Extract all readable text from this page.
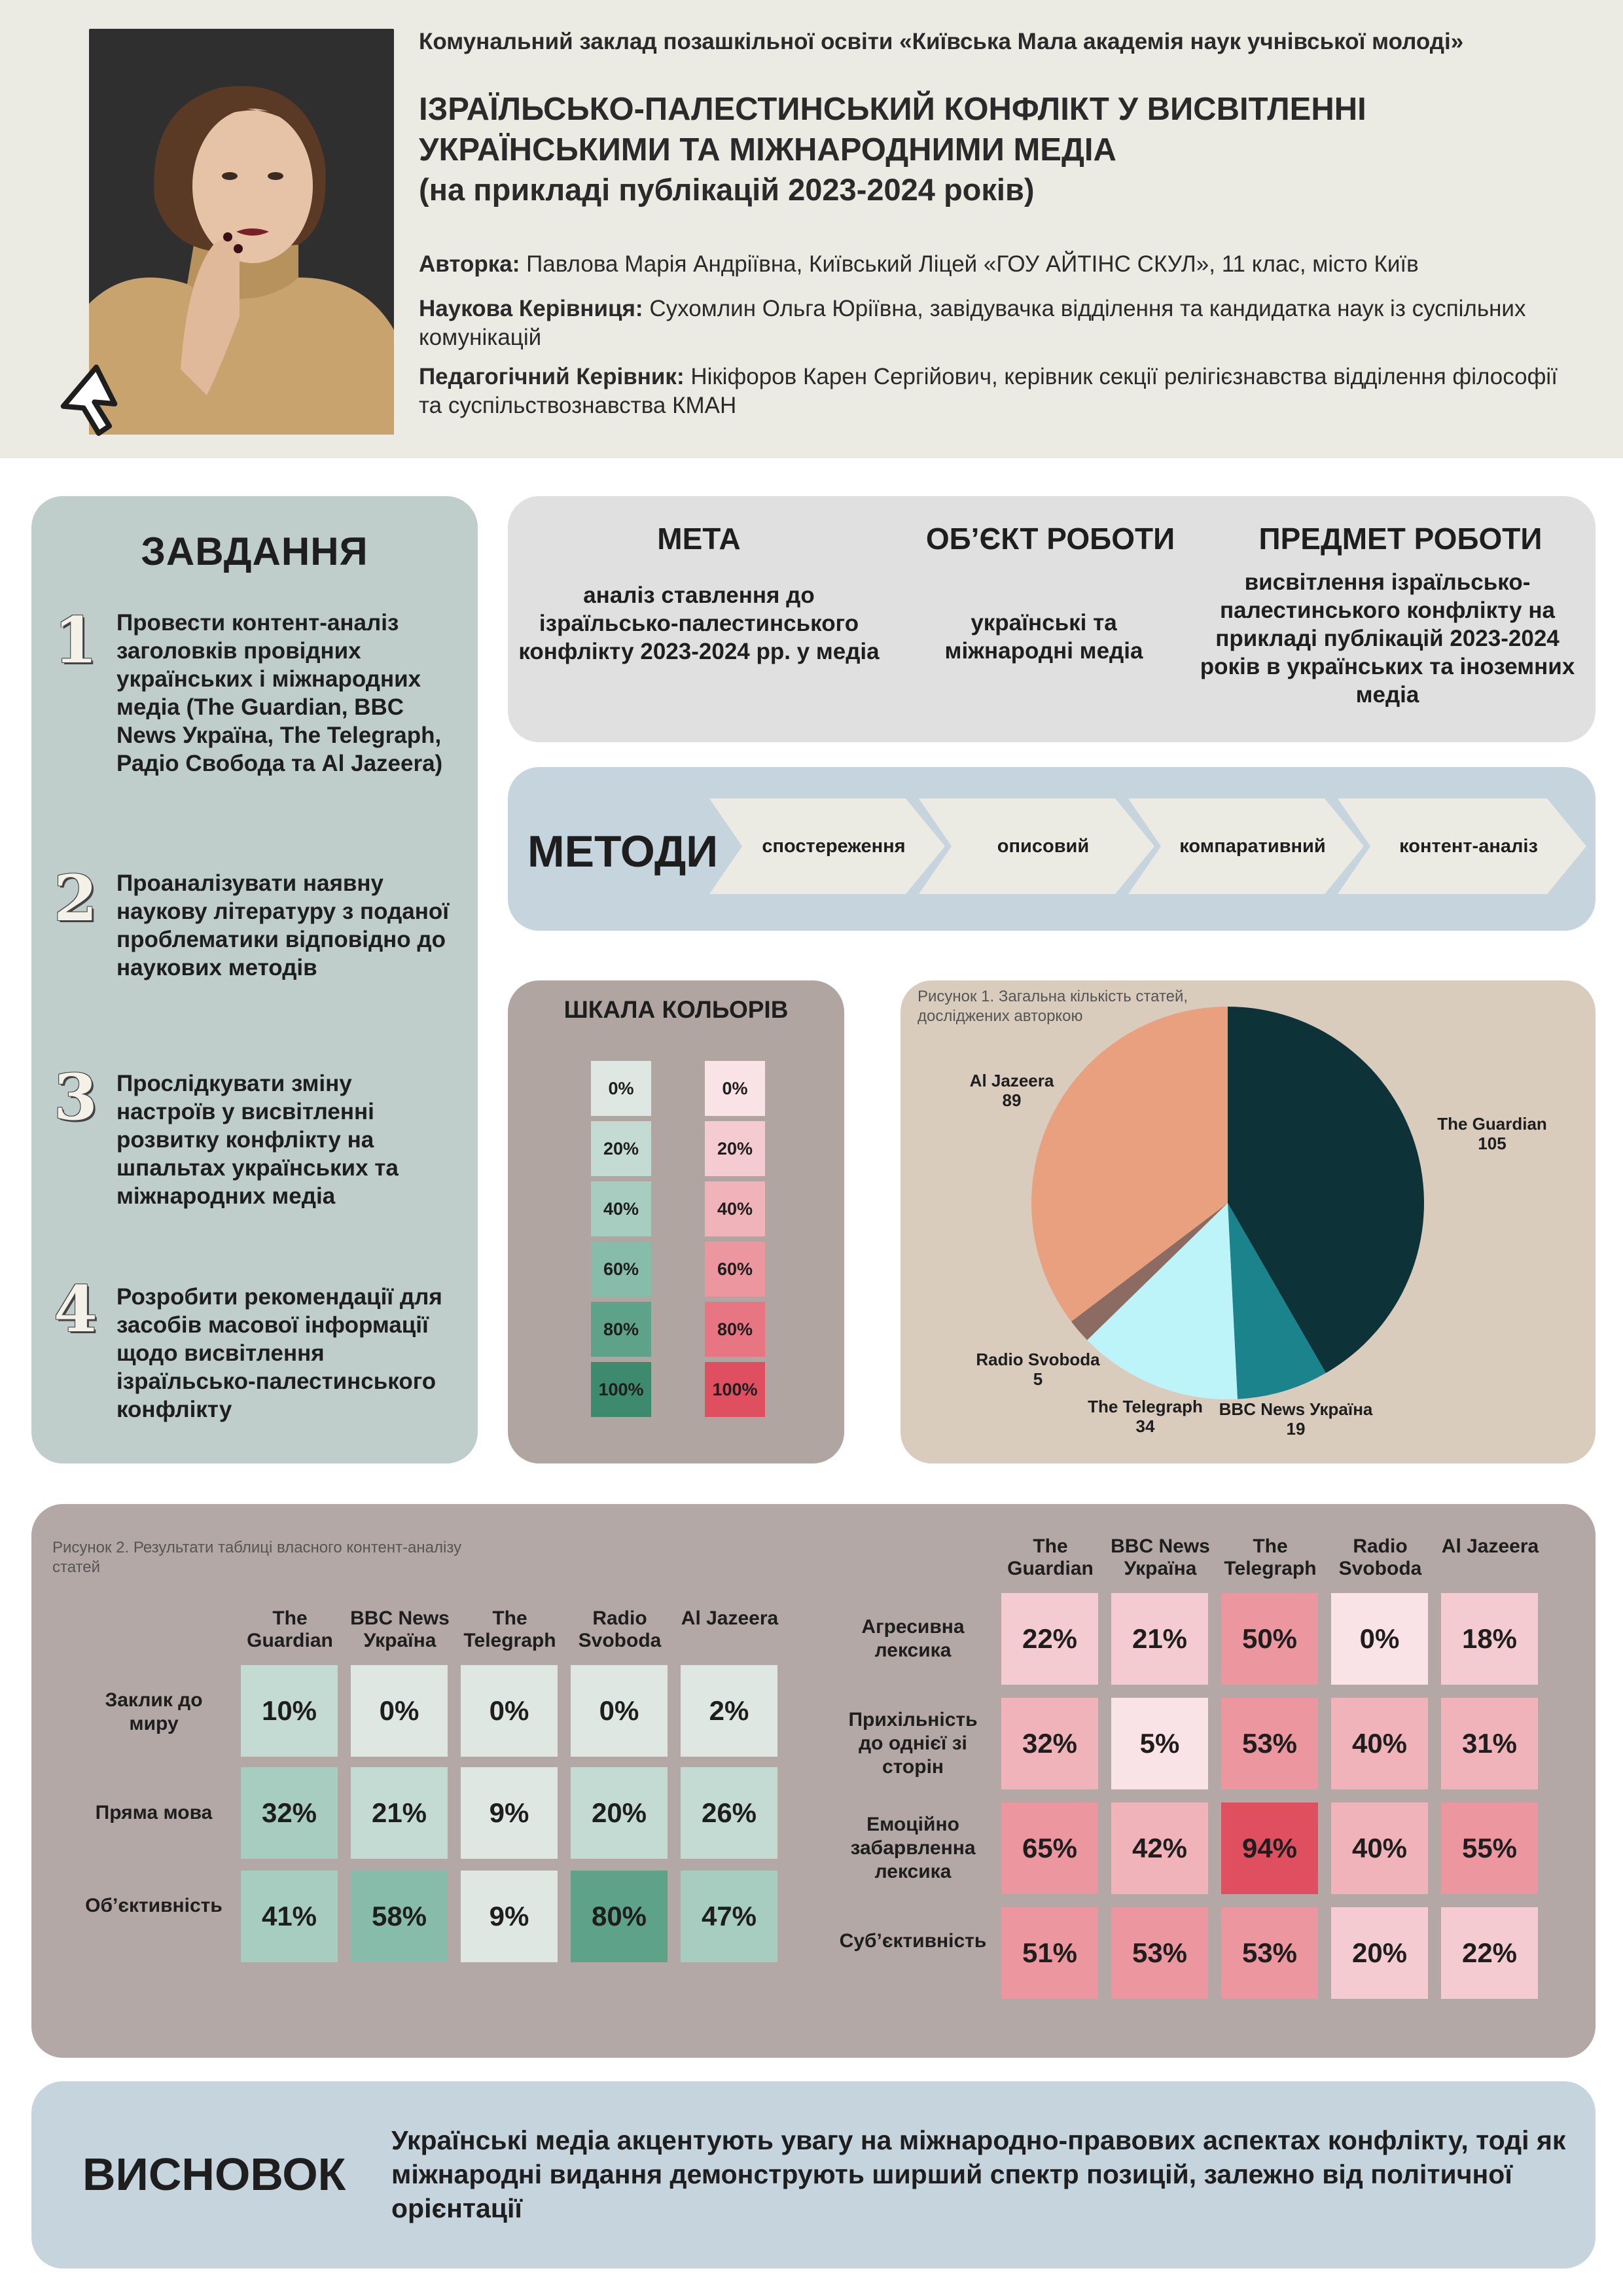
Комунальний заклад позашкільної освіти «Київська Мала академія наук учнівської молоді»
ІЗРАЇЛЬСЬКО-ПАЛЕСТИНСЬКИЙ КОНФЛІКТ У ВИСВІТЛЕННІ УКРАЇНСЬКИМИ ТА МІЖНАРОДНИМИ МЕДІА
(на прикладі публікацій 2023-2024 років)
Авторка: Павлова Марія Андріївна, Київський Ліцей «ГОУ АЙТІНС СКУЛ», 11 клас, місто Київ
Наукова Керівниця: Сухомлин Ольга Юріївна, завідувачка відділення та кандидатка наук із суспільних комунікацій
Педагогічний Керівник: Нікіфоров Карен Сергійович, керівник секції релігієзнавства відділення філософії та суспільствознавства КМАН
ЗАВДАННЯ
1 Провести контент-аналіз заголовків провідних українських і міжнародних медіа (The Guardian, BBC News Україна, The Telegraph, Радіо Свобода та Al Jazeera)
2 Проаналізувати наявну наукову літературу з поданої проблематики відповідно до наукових методів
3 Прослідкувати зміну настроїв у висвітленні розвитку конфлікту на шпальтах українських та міжнародних медіа
4 Розробити рекомендації для засобів масової інформації щодо висвітлення ізраїльсько-палестинського конфлікту
МЕТА
аналіз ставлення до ізраїльсько-палестинського конфлікту 2023-2024 рр. у медіа
ОБ’ЄКТ РОБОТИ
українські та міжнародні медіа
ПРЕДМЕТ РОБОТИ
висвітлення ізраїльсько-палестинського конфлікту на прикладі публікацій 2023-2024 років в українських та іноземних медіа
МЕТОДИ	спостереження	описовий	компаративний	контент-аналіз
ШКАЛА КОЛЬОРІВ
0%
20%
40%
60%
80%
100%
0%
20%
40%
60%
80%
100%
Рисунок 1. Загальна кількість статей, досліджених авторкою
Al Jazeera
89
The Guardian
105
Radio Svoboda
5
The Telegraph
34
BBC News Україна
19
Рисунок 2. Результати таблиці власного контент-аналізу статей
The Guardian
BBC News Україна
The Telegraph
Radio Svoboda
Al Jazeera
Заклик до миру	10%	0%	0%	0%	2%
Пряма мова	32%	21%	9%	20%	26%
Об’єктивність	41%	58%	9%	80%	47%
The Guardian
BBC News Україна
The Telegraph
Radio Svoboda
Al Jazeera
Агресивна лексика	22%	21%	50%	0%	18%
Прихільність до однієї зі сторін
32%	5%	53%	40%	31%
Емоційно забарвленна лексика
65%	42%	94%	40%	55%
Суб’єктивність	51%	53%	53%	20%	22%
ВИСНОВОК
Українські медіа акцентують увагу на міжнародно-правових аспектах конфлікту, тоді як міжнародні видання демонструють ширший спектр позицій, залежно від політичної орієнтації
